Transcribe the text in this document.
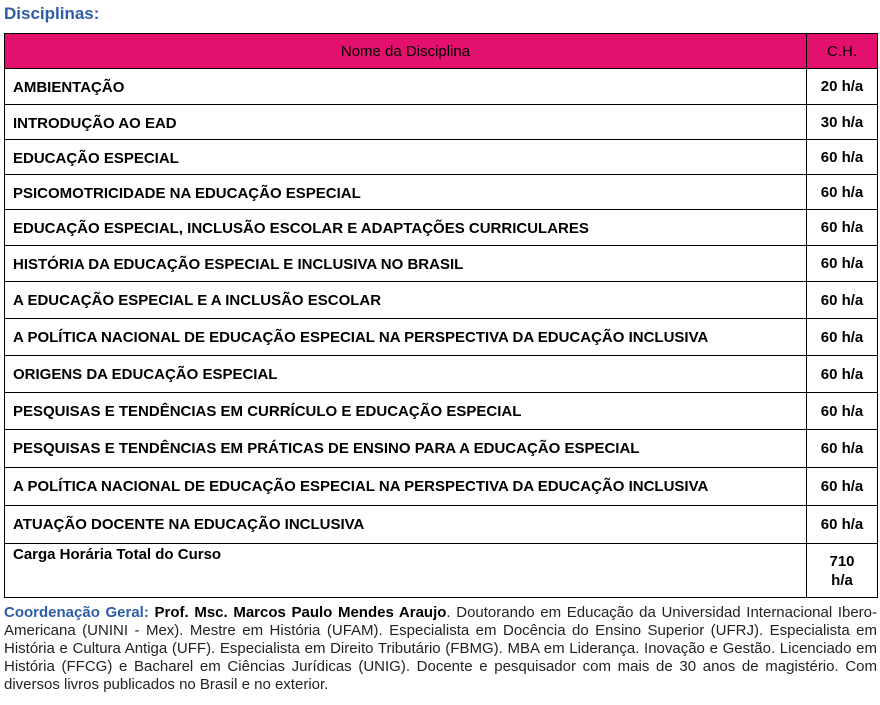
Disciplinas:
Nome da Disciplina	C.H.
AMBIENTAÇÃO	20 h/a
INTRODUÇÃO AO EAD	30 h/a
EDUCAÇÃO ESPECIAL	60 h/a
PSICOMOTRICIDADE NA EDUCAÇÃO ESPECIAL	60 h/a
EDUCAÇÃO ESPECIAL, INCLUSÃO ESCOLAR E ADAPTAÇÕES CURRICULARES	60 h/a
HISTÓRIA DA EDUCAÇÃO ESPECIAL E INCLUSIVA NO BRASIL	60 h/a
A EDUCAÇÃO ESPECIAL E A INCLUSÃO ESCOLAR	60 h/a
A POLÍTICA NACIONAL DE EDUCAÇÃO ESPECIAL NA PERSPECTIVA DA EDUCAÇÃO INCLUSIVA	60 h/a
ORIGENS DA EDUCAÇÃO ESPECIAL	60 h/a
PESQUISAS E TENDÊNCIAS EM CURRÍCULO E EDUCAÇÃO ESPECIAL	60 h/a
PESQUISAS E TENDÊNCIAS EM PRÁTICAS DE ENSINO PARA A EDUCAÇÃO ESPECIAL	60 h/a
A POLÍTICA NACIONAL DE EDUCAÇÃO ESPECIAL NA PERSPECTIVA DA EDUCAÇÃO INCLUSIVA	60 h/a
ATUAÇÃO DOCENTE NA EDUCAÇÃO INCLUSIVA	60 h/a
Carga Horária Total do Curso	710
h/a
Coordenação Geral: Prof. Msc. Marcos Paulo Mendes Araujo. Doutorando em Educação da Universidad Internacional Ibero-Americana (UNINI - Mex). Mestre em História (UFAM). Especialista em Docência do Ensino Superior (UFRJ). Especialista em História e Cultura Antiga (UFF). Especialista em Direito Tributário (FBMG). MBA em Liderança. Inovação e Gestão. Licenciado em História (FFCG) e Bacharel em Ciências Jurídicas (UNIG). Docente e pesquisador com mais de 30 anos de magistério. Com diversos livros publicados no Brasil e no exterior.
